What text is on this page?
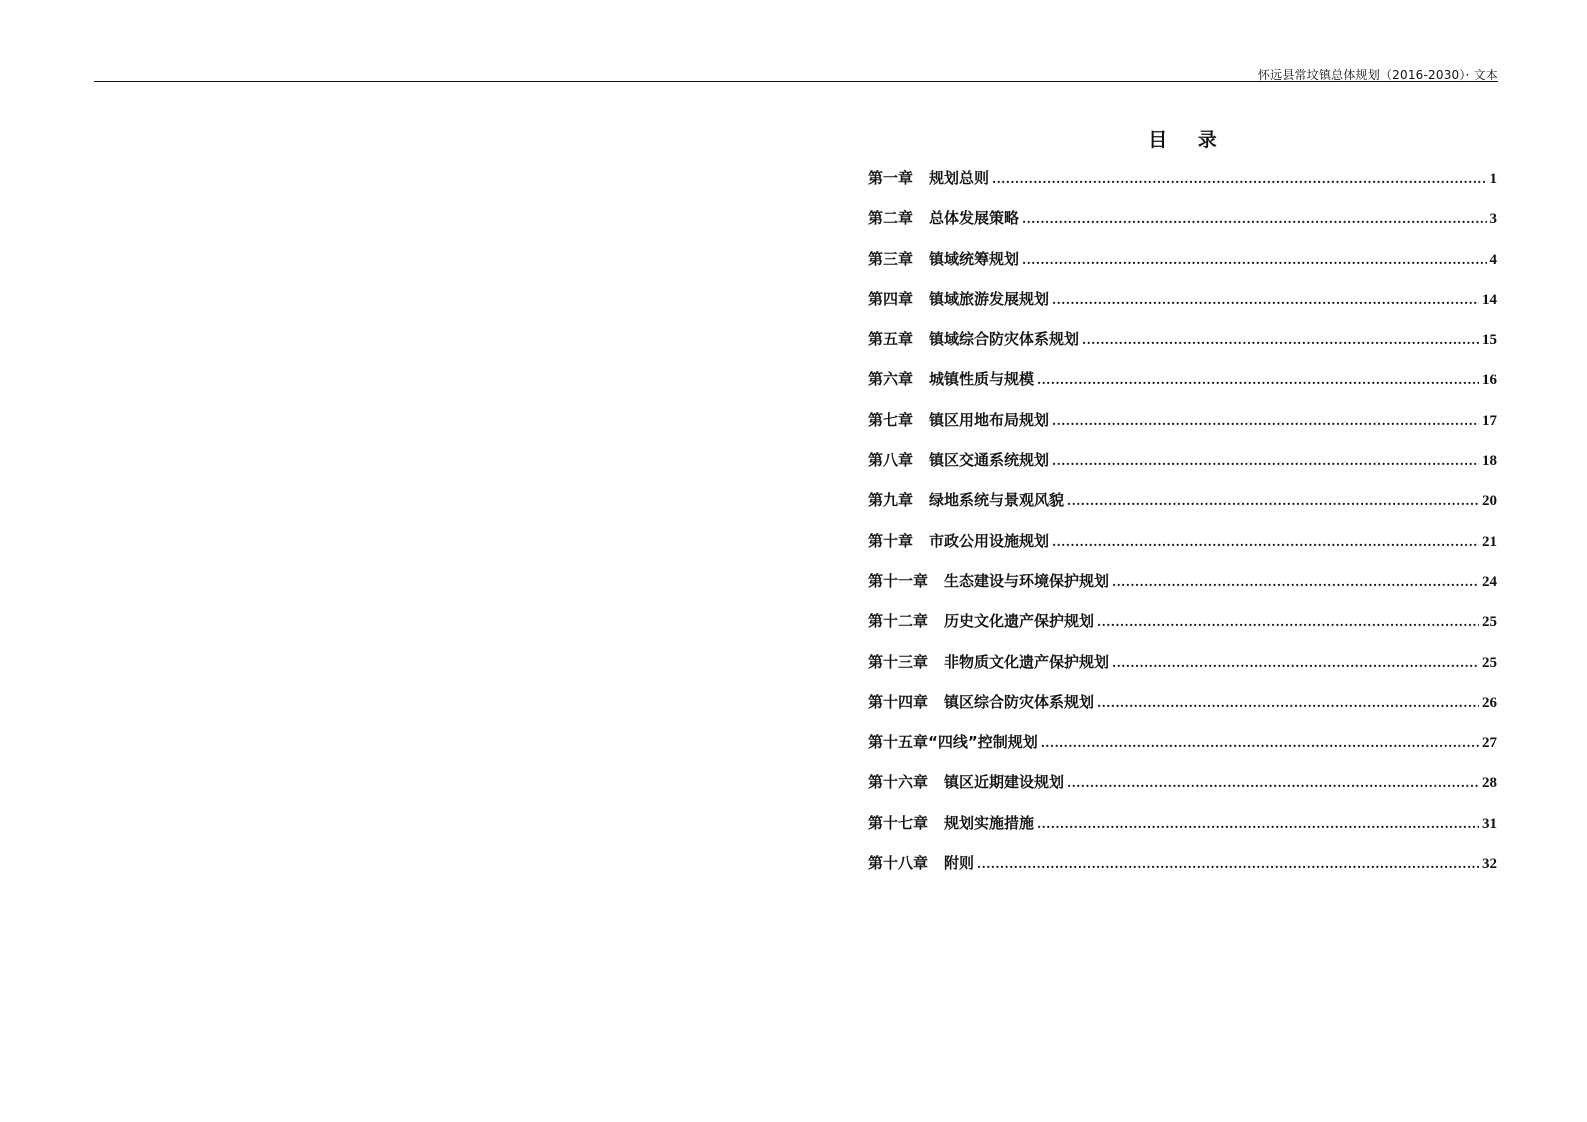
怀远县常坟镇总体规划（2016-2030）· 文本
目 录
第一章 规划总则 .....	1
第二章 总体发展策略 .....	3
第三章 镇域统筹规划 .....	4
第四章 镇域旅游发展规划 .....	14
第五章 镇域综合防灾体系规划 .....	15
第六章 城镇性质与规模 .....	16
第七章 镇区用地布局规划 .....	17
第八章 镇区交通系统规划 .....	18
第九章 绿地系统与景观风貌 .....	20
第十章 市政公用设施规划 .....	21
第十一章 生态建设与环境保护规划 .....	24
第十二章 历史文化遗产保护规划 .....	25
第十三章 非物质文化遗产保护规划 .....	25
第十四章 镇区综合防灾体系规划 .....	26
第十五章 “四线”控制规划 .....	27
第十六章 镇区近期建设规划 .....	28
第十七章 规划实施措施 .....	31
第十八章 附则 .....	32
